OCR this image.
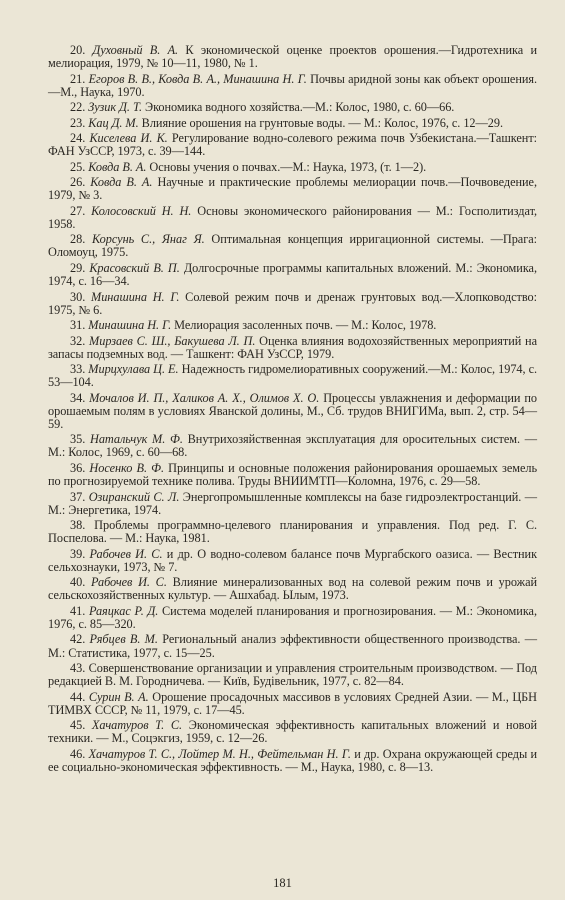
20. Духовный В. А. К экономической оценке проектов орошения.—Гидротехника и мелиорация, 1979, № 10—11, 1980, № 1.
21. Егоров В. В., Ковда В. А., Минашина Н. Г. Почвы аридной зоны как объект орошения. —М., Наука, 1970.
22. Зузик Д. Т. Экономика водного хозяйства.—М.: Колос, 1980, с. 60—66.
23. Кац Д. М. Влияние орошения на грунтовые воды. — М.: Колос, 1976, с. 12—29.
24. Киселева И. К. Регулирование водно-солевого режима почв Узбекистана.—Ташкент: ФАН УзССР, 1973, с. 39—144.
25. Ковда В. А. Основы учения о почвах.—М.: Наука, 1973, (т. 1—2).
26. Ковда В. А. Научные и практические проблемы мелиорации почв.—Почвоведение, 1979, № 3.
27. Колосовский Н. Н. Основы экономического районирования — М.: Госполитиздат, 1958.
28. Корсунь С., Янаг Я. Оптимальная концепция ирригационной системы. —Прага: Оломоуц, 1975.
29. Красовский В. П. Долгосрочные программы капитальных вложений. М.: Экономика, 1974, с. 16—34.
30. Минашина Н. Г. Солевой режим почв и дренаж грунтовых вод.—Хлопководство: 1975, № 6.
31. Минашина Н. Г. Мелиорация засоленных почв. — М.: Колос, 1978.
32. Мирзаев С. Ш., Бакушева Л. П. Оценка влияния водохозяйственных мероприятий на запасы подземных вод. — Ташкент: ФАН УзССР, 1979.
33. Мирцхулава Ц. Е. Надежность гидромелиоративных сооружений.—М.: Колос, 1974, с. 53—104.
34. Мочалов И. П., Халиков А. Х., Олимов Х. О. Процессы увлажнения и деформации по орошаемым полям в условиях Яванской долины, М., Сб. трудов ВНИГИМа, вып. 2, стр. 54—59.
35. Натальчук М. Ф. Внутрихозяйственная эксплуатация для оросительных систем. — М.: Колос, 1969, с. 60—68.
36. Носенко В. Ф. Принципы и основные положения районирования орошаемых земель по прогнозируемой технике полива. Труды ВНИИМТП—Коломна, 1976, с. 29—58.
37. Озиранский С. Л. Энергопромышленные комплексы на базе гидроэлектростанций. — М.: Энергетика, 1974.
38. Проблемы программно-целевого планирования и управления. Под ред. Г. С. Поспелова. — М.: Наука, 1981.
39. Рабочев И. С. и др. О водно-солевом балансе почв Мургабского оазиса. — Вестник сельхознауки, 1973, № 7.
40. Рабочев И. С. Влияние минерализованных вод на солевой режим почв и урожай сельскохозяйственных культур. — Ашхабад. Ылым, 1973.
41. Раяцкас Р. Д. Система моделей планирования и прогнозирования. — М.: Экономика, 1976, с. 85—320.
42. Рябцев В. М. Региональный анализ эффективности общественного производства. — М.: Статистика, 1977, с. 15—25.
43. Совершенствование организации и управления строительным производством. — Под редакцией В. М. Городничева. — Київ, Будівельник, 1977, с. 82—84.
44. Сурин В. А. Орошение просадочных массивов в условиях Средней Азии. — М., ЦБН ТИМВХ СССР, № 11, 1979, с. 17—45.
45. Хачатуров Т. С. Экономическая эффективность капитальных вложений и новой техники. — М., Соцэкгиз, 1959, с. 12—26.
46. Хачатуров Т. С., Лойтер М. Н., Фейтельман Н. Г. и др. Охрана окружающей среды и ее социально-экономическая эффективность. — М., Наука, 1980, с. 8—13.
181
